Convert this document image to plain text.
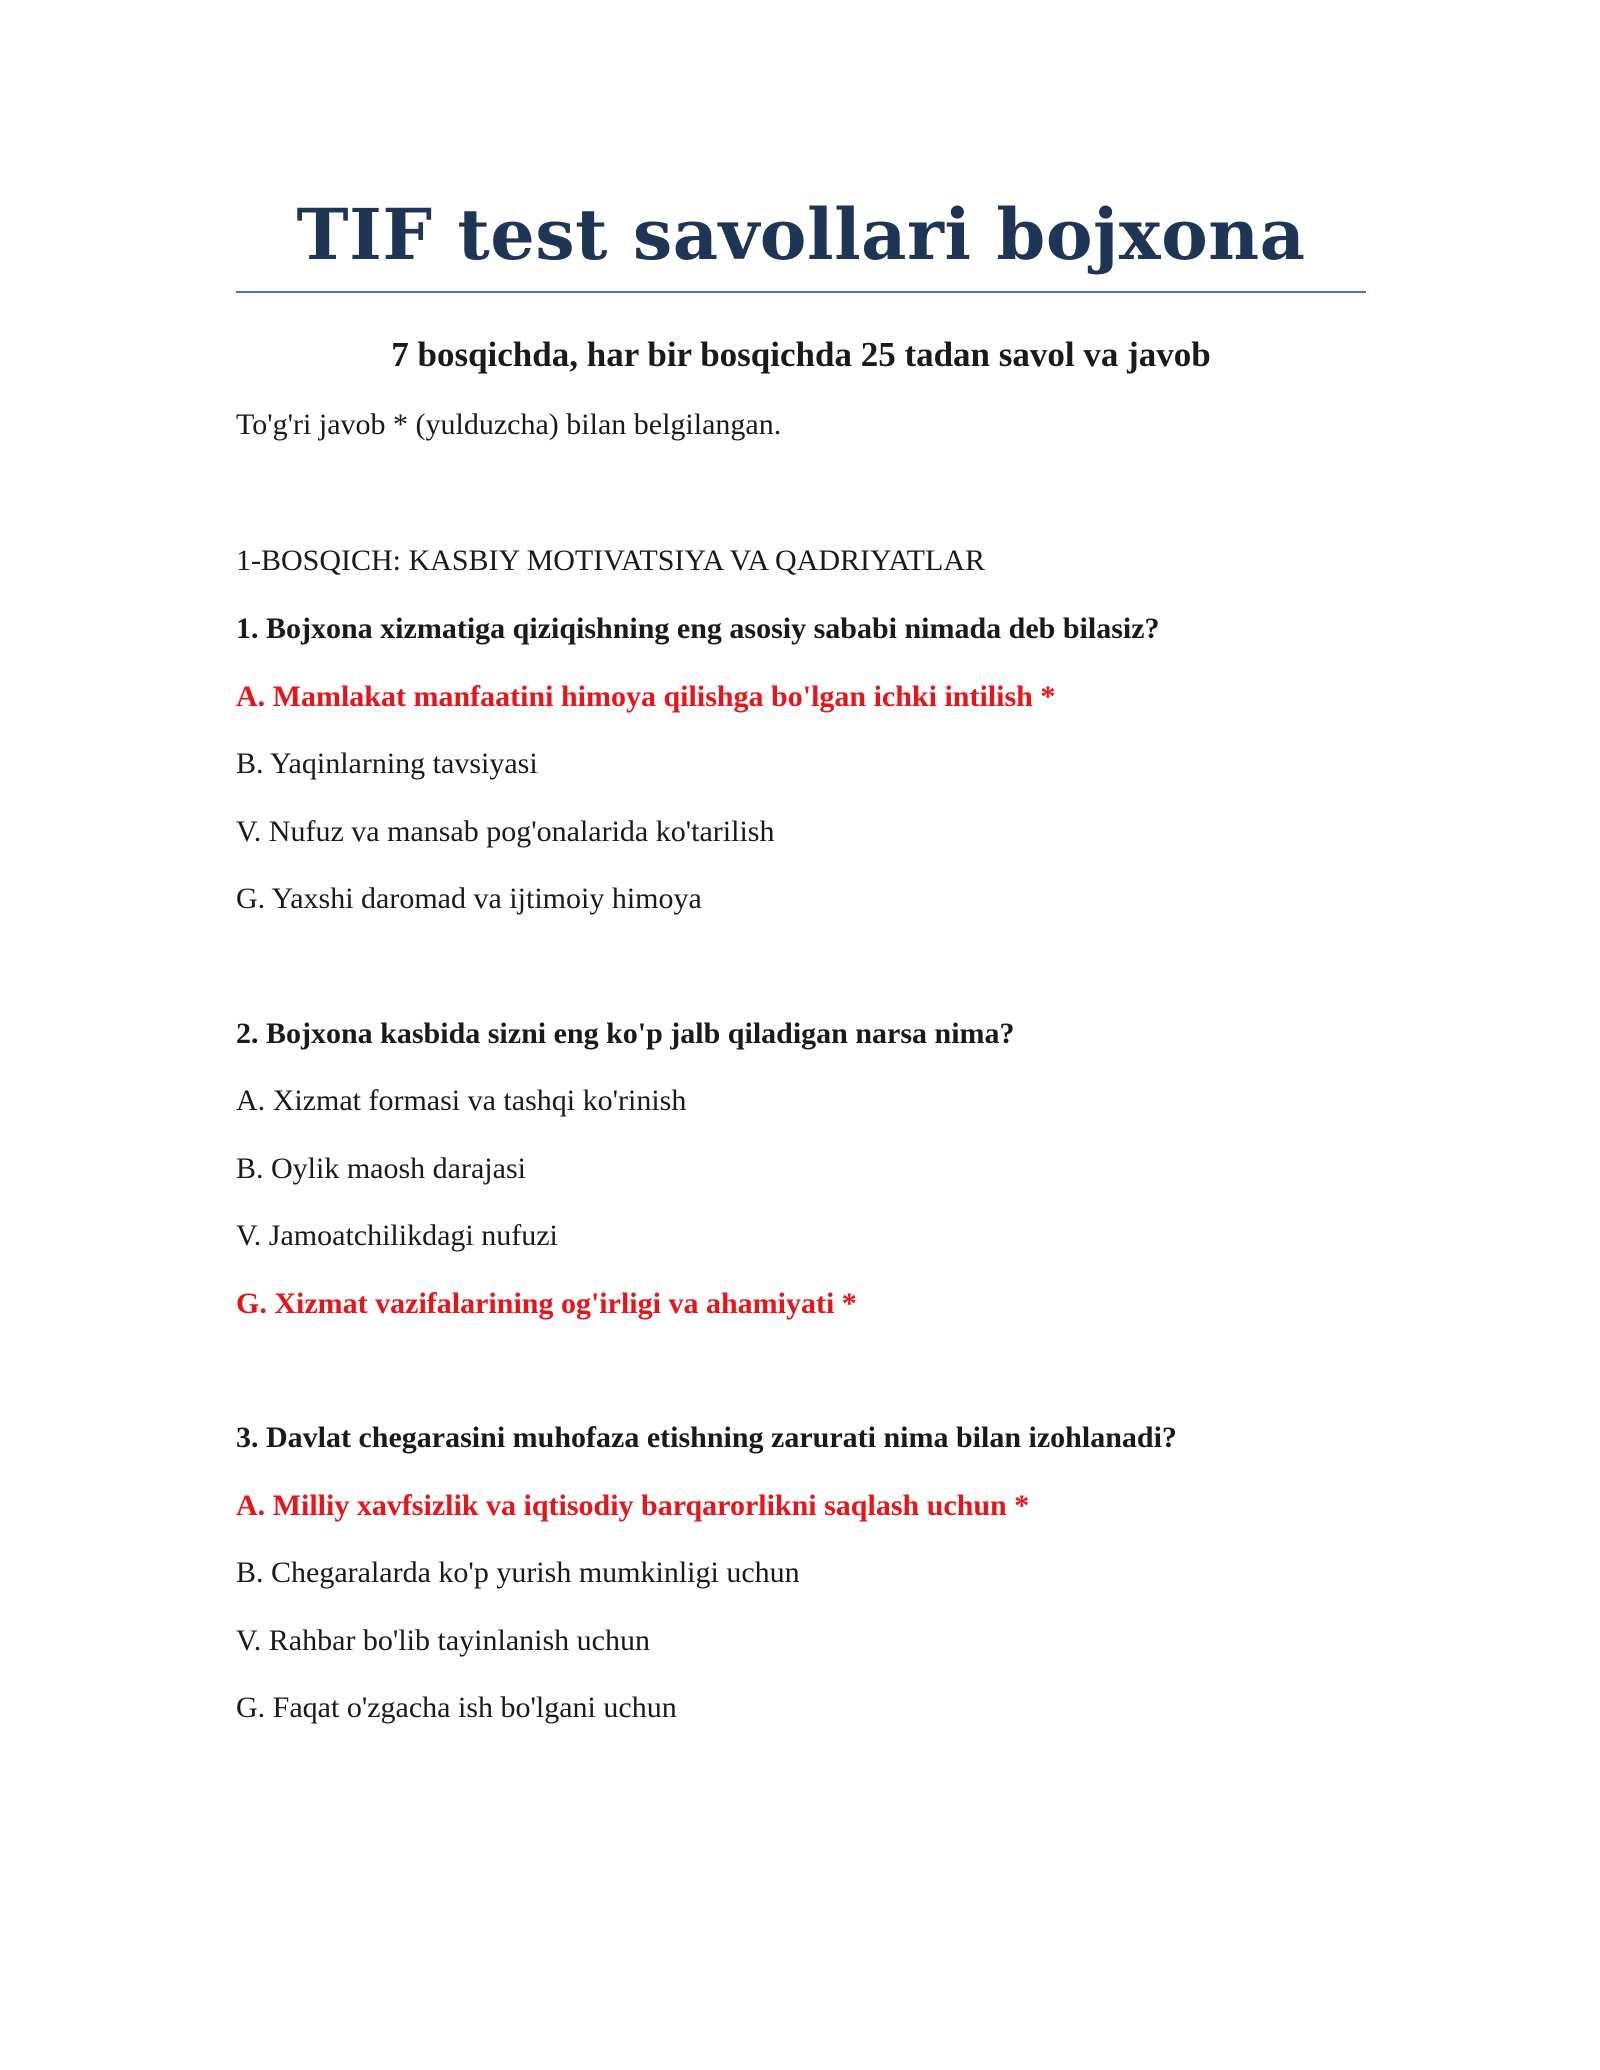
TIF test savollari bojxona
7 bosqichda, har bir bosqichda 25 tadan savol va javob

To'g'ri javob * (yulduzcha) bilan belgilangan.

1-BOSQICH: KASBIY MOTIVATSIYA VA QADRIYATLAR

1. Bojxona xizmatiga qiziqishning eng asosiy sababi nimada deb bilasiz?

A. Mamlakat manfaatini himoya qilishga bo'lgan ichki intilish *

B. Yaqinlarning tavsiyasi

V. Nufuz va mansab pog'onalarida ko'tarilish

G. Yaxshi daromad va ijtimoiy himoya

2. Bojxona kasbida sizni eng ko'p jalb qiladigan narsa nima?

A. Xizmat formasi va tashqi ko'rinish

B. Oylik maosh darajasi

V. Jamoatchilikdagi nufuzi

G. Xizmat vazifalarining og'irligi va ahamiyati *

3. Davlat chegarasini muhofaza etishning zarurati nima bilan izohlanadi?

A. Milliy xavfsizlik va iqtisodiy barqarorlikni saqlash uchun *

B. Chegaralarda ko'p yurish mumkinligi uchun

V. Rahbar bo'lib tayinlanish uchun

G. Faqat o'zgacha ish bo'lgani uchun
